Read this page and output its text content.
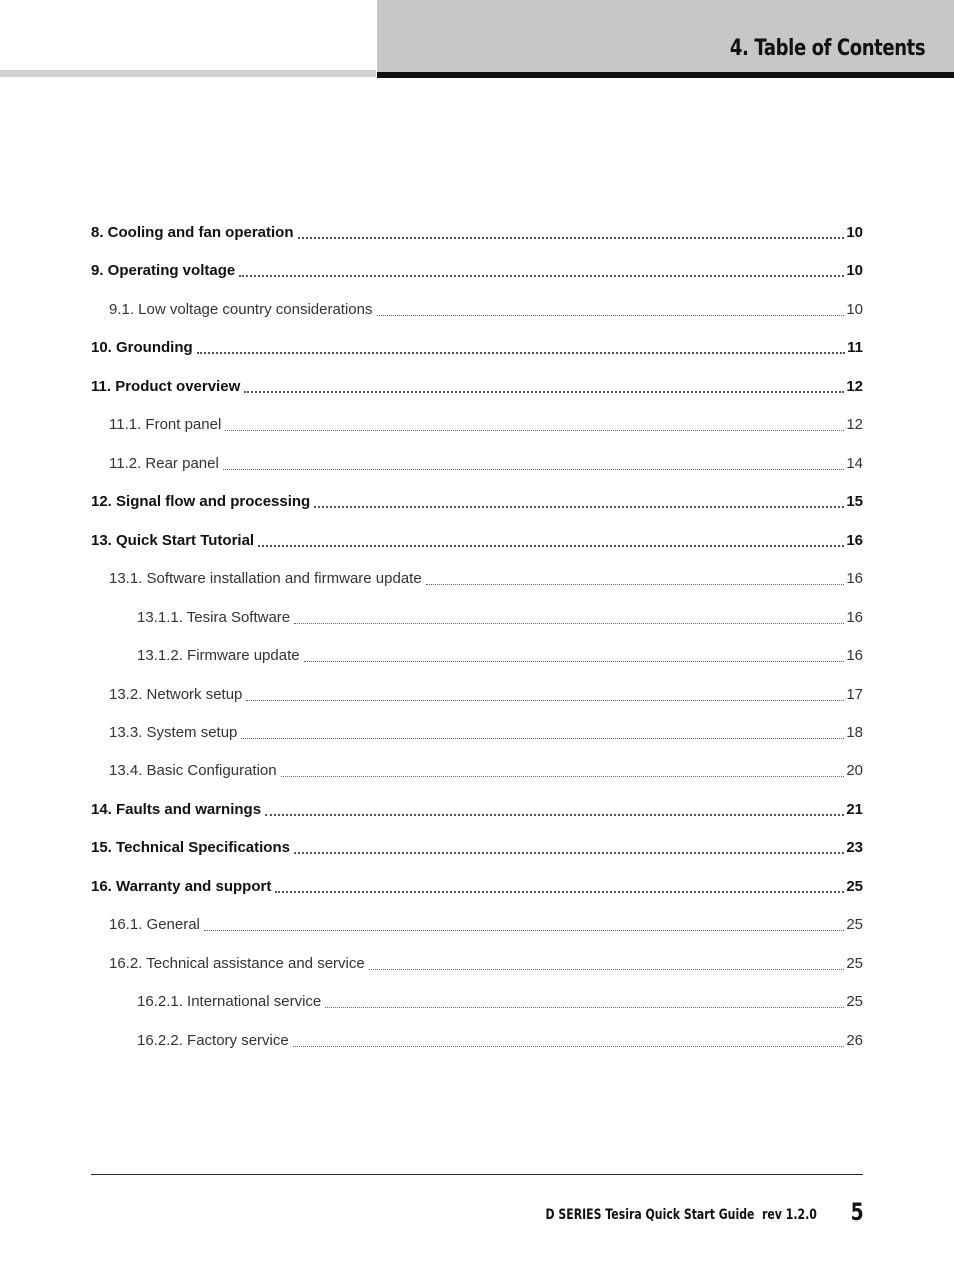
4. Table of Contents
8. Cooling and fan operation	10
9. Operating voltage	10
9.1. Low voltage country considerations	10
10. Grounding	11
11. Product overview	12
11.1. Front panel	12
11.2. Rear panel	14
12. Signal flow and processing	15
13. Quick Start Tutorial	16
13.1. Software installation and firmware update	16
13.1.1. Tesira Software	16
13.1.2. Firmware update	16
13.2. Network setup	17
13.3. System setup	18
13.4. Basic Configuration	20
14. Faults and warnings	21
15. Technical Specifications	23
16. Warranty and support	25
16.1. General	25
16.2. Technical assistance and service	25
16.2.1. International service	25
16.2.2. Factory service	26
D SERIES Tesira Quick Start Guide  rev 1.2.0 5
